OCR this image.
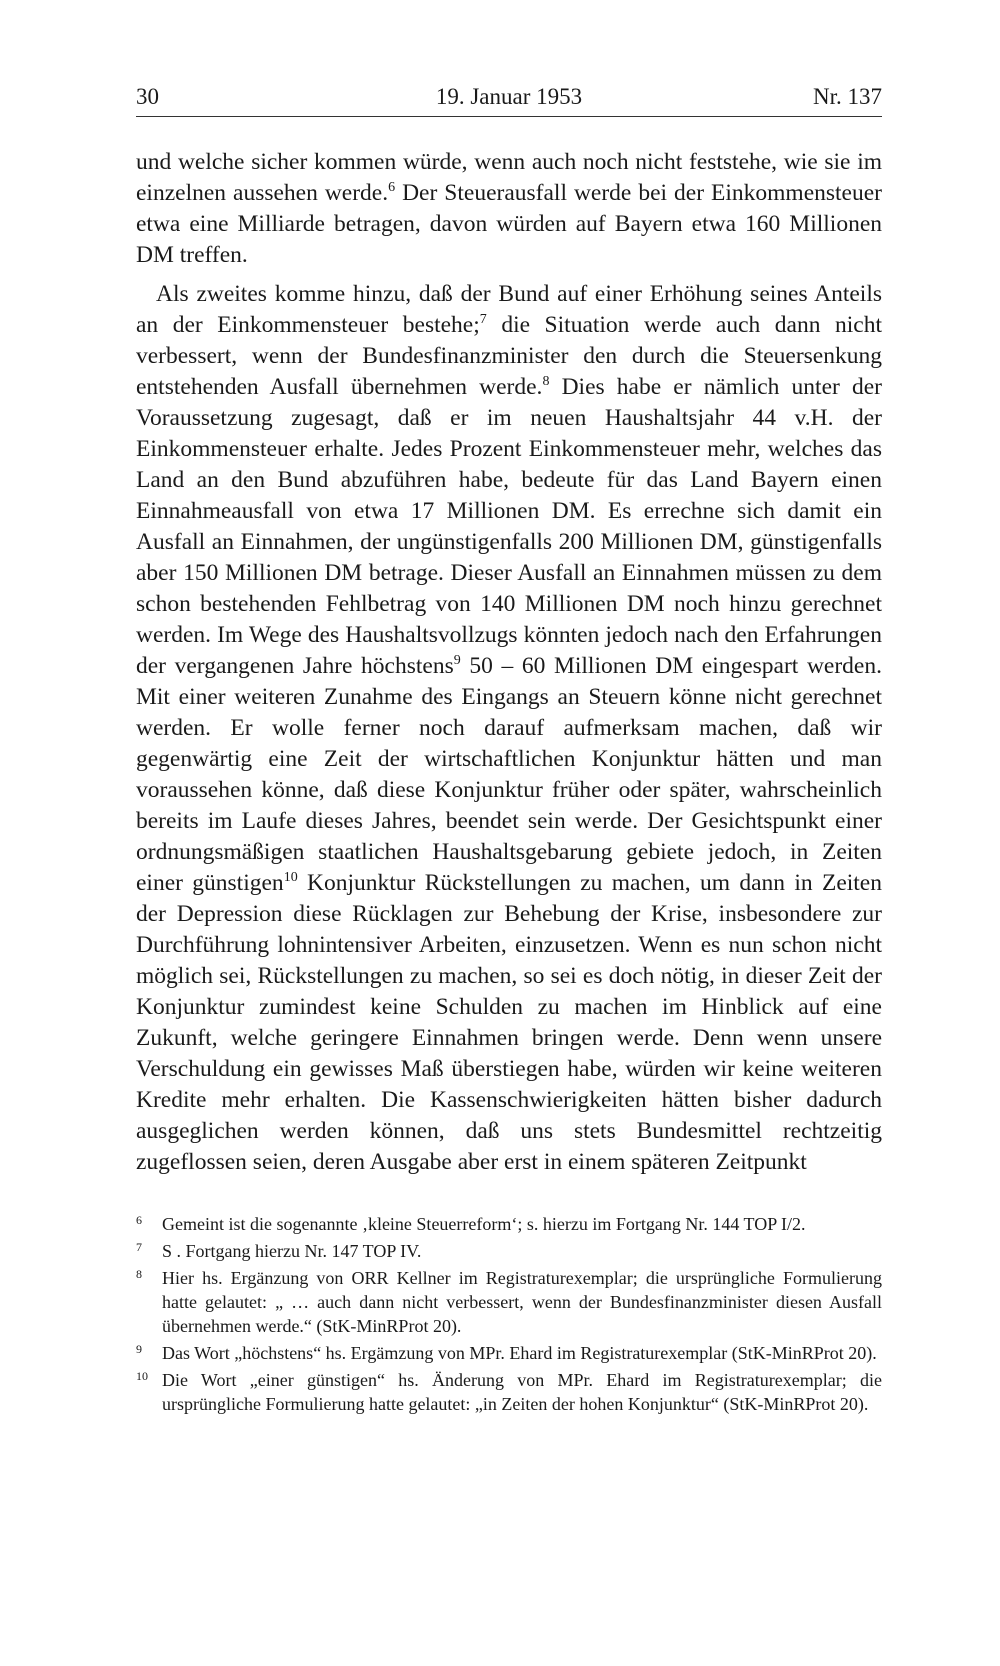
30	19. Januar 1953	Nr. 137

und welche sicher kommen würde, wenn auch noch nicht feststehe, wie sie im einzelnen aussehen werde.$^6$ Der Steuerausfall werde bei der Einkommensteuer etwa eine Milliarde betragen, davon würden auf Bayern etwa 160 Millionen DM treffen.

Als zweites komme hinzu, daß der Bund auf einer Erhöhung seines Anteils an der Einkommensteuer bestehe;$^7$ die Situation werde auch dann nicht verbessert, wenn der Bundesfinanzminister den durch die Steuersenkung entstehenden Ausfall übernehmen werde.$^8$ Dies habe er nämlich unter der Voraussetzung zugesagt, daß er im neuen Haushaltsjahr 44 v.H. der Einkommensteuer erhalte. Jedes Prozent Einkommensteuer mehr, welches das Land an den Bund abzuführen habe, bedeute für das Land Bayern einen Einnahmeausfall von etwa 17 Millionen DM. Es errechne sich damit ein Ausfall an Einnahmen, der ungünstigenfalls 200 Millionen DM, günstigenfalls aber 150 Millionen DM betrage. Dieser Ausfall an Einnahmen müssen zu dem schon bestehenden Fehlbetrag von 140 Millionen DM noch hinzu gerechnet werden. Im Wege des Haushaltsvollzugs könnten jedoch nach den Erfahrungen der vergangenen Jahre höchstens$^9$ 50 – 60 Millionen DM eingespart werden. Mit einer weiteren Zunahme des Eingangs an Steuern könne nicht gerechnet werden. Er wolle ferner noch darauf aufmerksam machen, daß wir gegenwärtig eine Zeit der wirtschaftlichen Konjunktur hätten und man voraussehen könne, daß diese Konjunktur früher oder später, wahrscheinlich bereits im Laufe dieses Jahres, beendet sein werde. Der Gesichtspunkt einer ordnungsmäßigen staatlichen Haushaltsgebarung gebiete jedoch, in Zeiten einer günstigen$^{10}$ Konjunktur Rückstellungen zu machen, um dann in Zeiten der Depression diese Rücklagen zur Behebung der Krise, insbesondere zur Durchführung lohnintensiver Arbeiten, einzusetzen. Wenn es nun schon nicht möglich sei, Rückstellungen zu machen, so sei es doch nötig, in dieser Zeit der Konjunktur zumindest keine Schulden zu machen im Hinblick auf eine Zukunft, welche geringere Einnahmen bringen werde. Denn wenn unsere Verschuldung ein gewisses Maß überstiegen habe, würden wir keine weiteren Kredite mehr erhalten. Die Kassenschwierigkeiten hätten bisher dadurch ausgeglichen werden können, daß uns stets Bundesmittel rechtzeitig zugeflossen seien, deren Ausgabe aber erst in einem späteren Zeitpunkt

6 Gemeint ist die sogenannte ‚kleine Steuerreform‘; s. hierzu im Fortgang Nr. 144 TOP I/2.
7 S . Fortgang hierzu Nr. 147 TOP IV.
8 Hier hs. Ergänzung von ORR Kellner im Registraturexemplar; die ursprüngliche Formulierung hatte gelautet: „ … auch dann nicht verbessert, wenn der Bundesfinanzminister diesen Ausfall übernehmen werde.“ (StK-MinRProt 20).
9 Das Wort „höchstens“ hs. Ergämzung von MPr. Ehard im Registraturexemplar (StK-MinRProt 20).
10 Die Wort „einer günstigen“ hs. Änderung von MPr. Ehard im Registraturexemplar; die ursprüngliche Formulierung hatte gelautet: „in Zeiten der hohen Konjunktur“ (StK-MinRProt 20).
